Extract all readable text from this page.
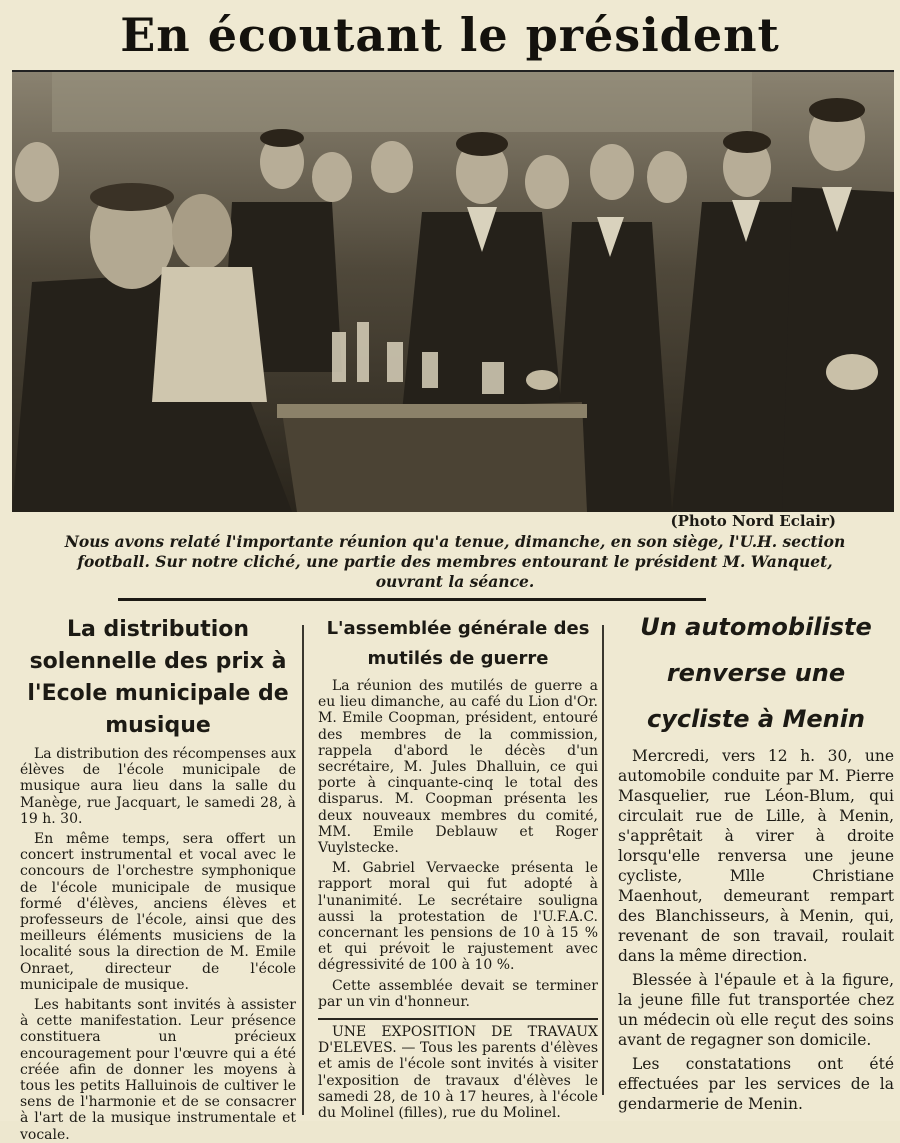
En écoutant le président
(Photo Nord Eclair)
Nous avons relaté l'importante réunion qu'a tenue, dimanche, en son siège, l'U.H. section football. Sur notre cliché, une partie des membres entourant le président M. Wanquet, ouvrant la séance.
La distribution solennelle des prix à l'Ecole municipale de musique

La distribution des récompenses aux élèves de l'école municipale de musique aura lieu dans la salle du Manège, rue Jacquart, le samedi 28, à 19 h. 30.

En même temps, sera offert un concert instrumental et vocal avec le concours de l'orchestre symphonique de l'école municipale de musique formé d'élèves, anciens élèves et professeurs de l'école, ainsi que des meilleurs éléments musiciens de la localité sous la direction de M. Emile Onraet, directeur de l'école municipale de musique.

Les habitants sont invités à assister à cette manifestation. Leur présence constituera un précieux encouragement pour l'œuvre qui a été créée afin de donner les moyens à tous les petits Halluinois de cultiver le sens de l'harmonie et de se consacrer à l'art de la musique instrumentale et vocale.

L'assemblée générale des mutilés de guerre

La réunion des mutilés de guerre a eu lieu dimanche, au café du Lion d'Or. M. Emile Coopman, président, entouré des membres de la commission, rappela d'abord le décès d'un secrétaire, M. Jules Dhalluin, ce qui porte à cinquante-cinq le total des disparus. M. Coopman présenta les deux nouveaux membres du comité, MM. Emile Deblauw et Roger Vuylstecke.

M. Gabriel Vervaecke présenta le rapport moral qui fut adopté à l'unanimité. Le secrétaire souligna aussi la protestation de l'U.F.A.C. concernant les pensions de 10 à 15 % et qui prévoit le rajustement avec dégressivité de 100 à 10 %.

Cette assemblée devait se terminer par un vin d'honneur.

UNE EXPOSITION DE TRAVAUX D'ELEVES. — Tous les parents d'élèves et amis de l'école sont invités à visiter l'exposition de travaux d'élèves le samedi 28, de 10 à 17 heures, à l'école du Molinel (filles), rue du Molinel.

Un automobiliste renverse une cycliste à Menin

Mercredi, vers 12 h. 30, une automobile conduite par M. Pierre Masquelier, rue Léon-Blum, qui circulait rue de Lille, à Menin, s'apprêtait à virer à droite lorsqu'elle renversa une jeune cycliste, Mlle Christiane Maenhout, demeurant rempart des Blanchisseurs, à Menin, qui, revenant de son travail, roulait dans la même direction.

Blessée à l'épaule et à la figure, la jeune fille fut transportée chez un médecin où elle reçut des soins avant de regagner son domicile.

Les constatations ont été effectuées par les services de la gendarmerie de Menin.
